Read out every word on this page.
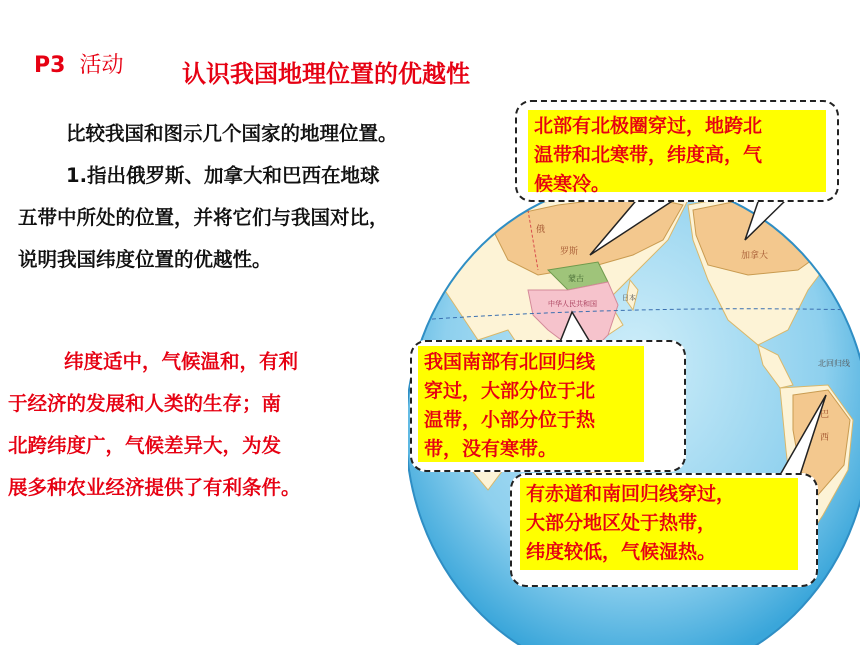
P3 活动 认识我国地理位置的优越性
比较我国和图示几个国家的地理位置。
1.指出俄罗斯、加拿大和巴西在地球
五带中所处的位置，并将它们与我国对比，
说明我国纬度位置的优越性。
纬度适中，气候温和，有利
于经济的发展和人类的生存；南
北跨纬度广，气候差异大，为发
展多种农业经济提供了有利条件。
俄
罗斯
蒙古
中华人民共和国
日本
加拿大
北回归线
巴
西
北部有北极圈穿过，地跨北
温带和北寒带，纬度高，气
候寒冷。
我国南部有北回归线
穿过，大部分位于北
温带，小部分位于热
带，没有寒带。
有赤道和南回归线穿过，
大部分地区处于热带，
纬度较低，气候湿热。
